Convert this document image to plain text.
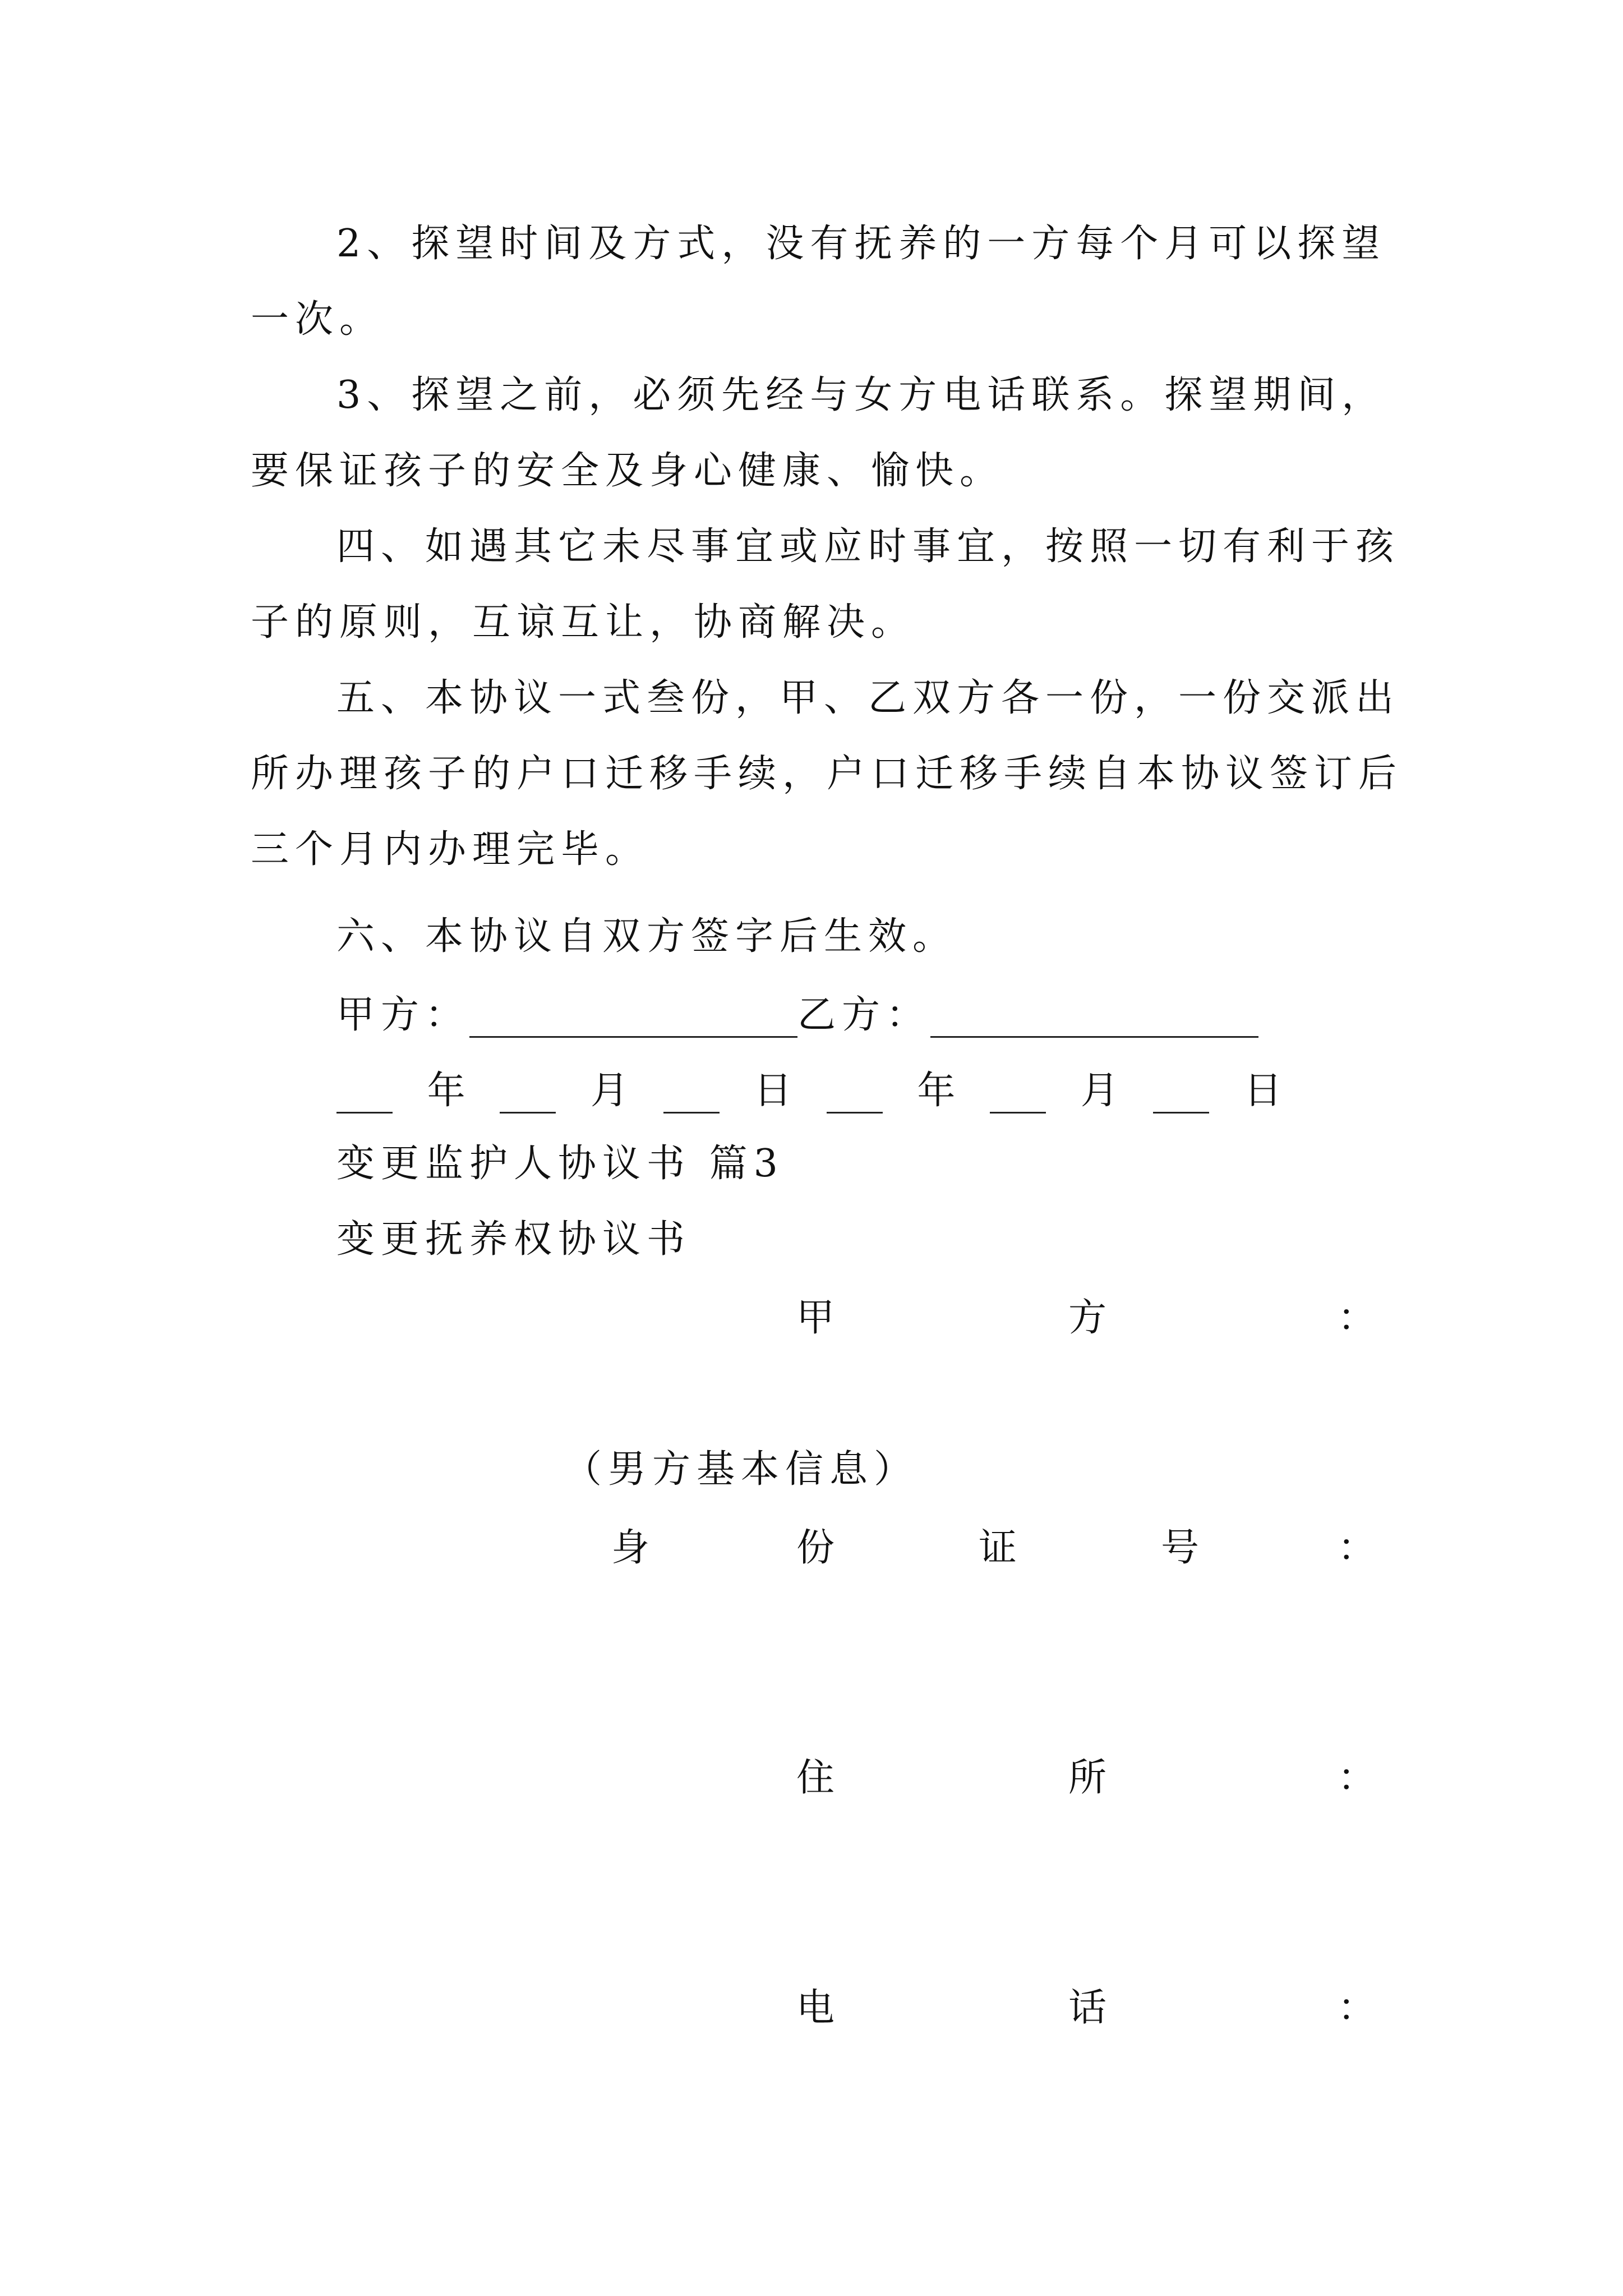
2、探望时间及方式，没有抚养的一方每个月可以探望
一次。
3、探望之前，必须先经与女方电话联系。探望期间，
要保证孩子的安全及身心健康、愉快。
四、如遇其它未尽事宜或应时事宜，按照一切有利于孩
子的原则，互谅互让，协商解决。
五、本协议一式叁份，甲、乙双方各一份，一份交派出
所办理孩子的户口迁移手续，户口迁移手续自本协议签订后
三个月内办理完毕。
六、本协议自双方签字后生效。
甲方：	乙方：
年	月	日	年	月	日
变更监护人协议书 篇3
变更抚养权协议书
甲	方	：
（男方基本信息）
身	份	证	号	：
住	所	：
电	话	：
